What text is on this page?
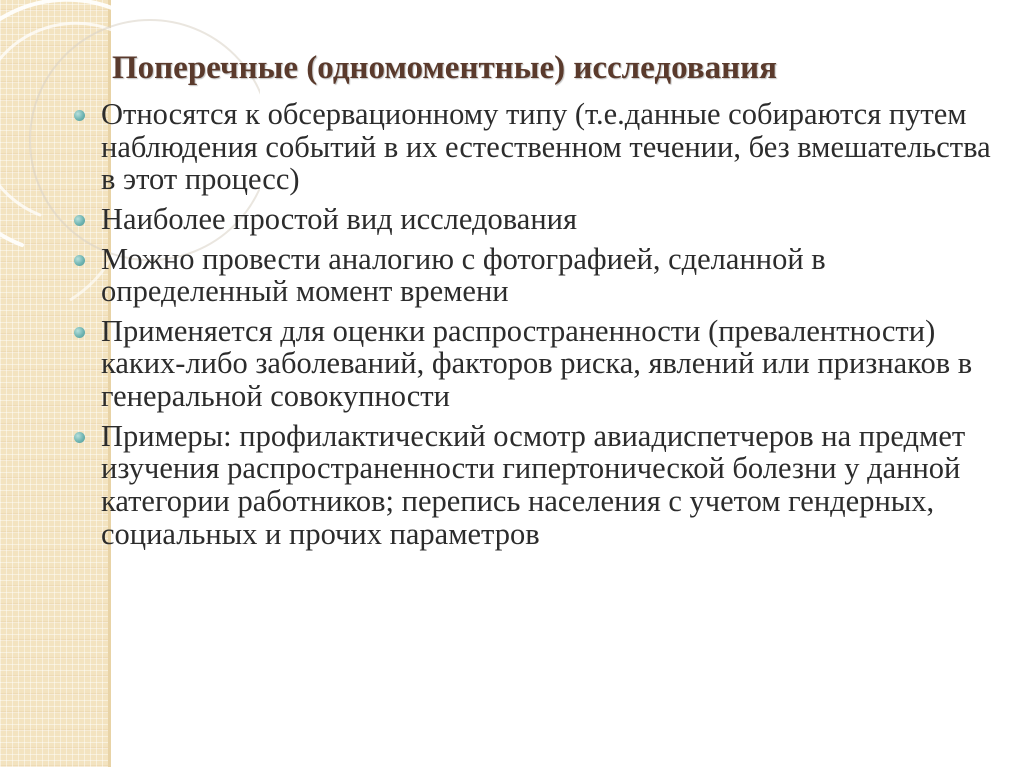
Поперечные (одномоментные) исследования
Относятся к обсервационному типу (т.е.данные собираются путем наблюдения событий в их естественном течении, без вмешательства в этот процесс)
Наиболее простой вид исследования
Можно провести аналогию с фотографией, сделанной в определенный момент времени
Применяется для оценки распространенности (превалентности) каких-либо заболеваний, факторов риска, явлений или признаков в генеральной совокупности
Примеры: профилактический осмотр авиадиспетчеров на предмет изучения распространенности гипертонической болезни у данной категории работников; перепись населения с учетом гендерных, социальных и прочих параметров
